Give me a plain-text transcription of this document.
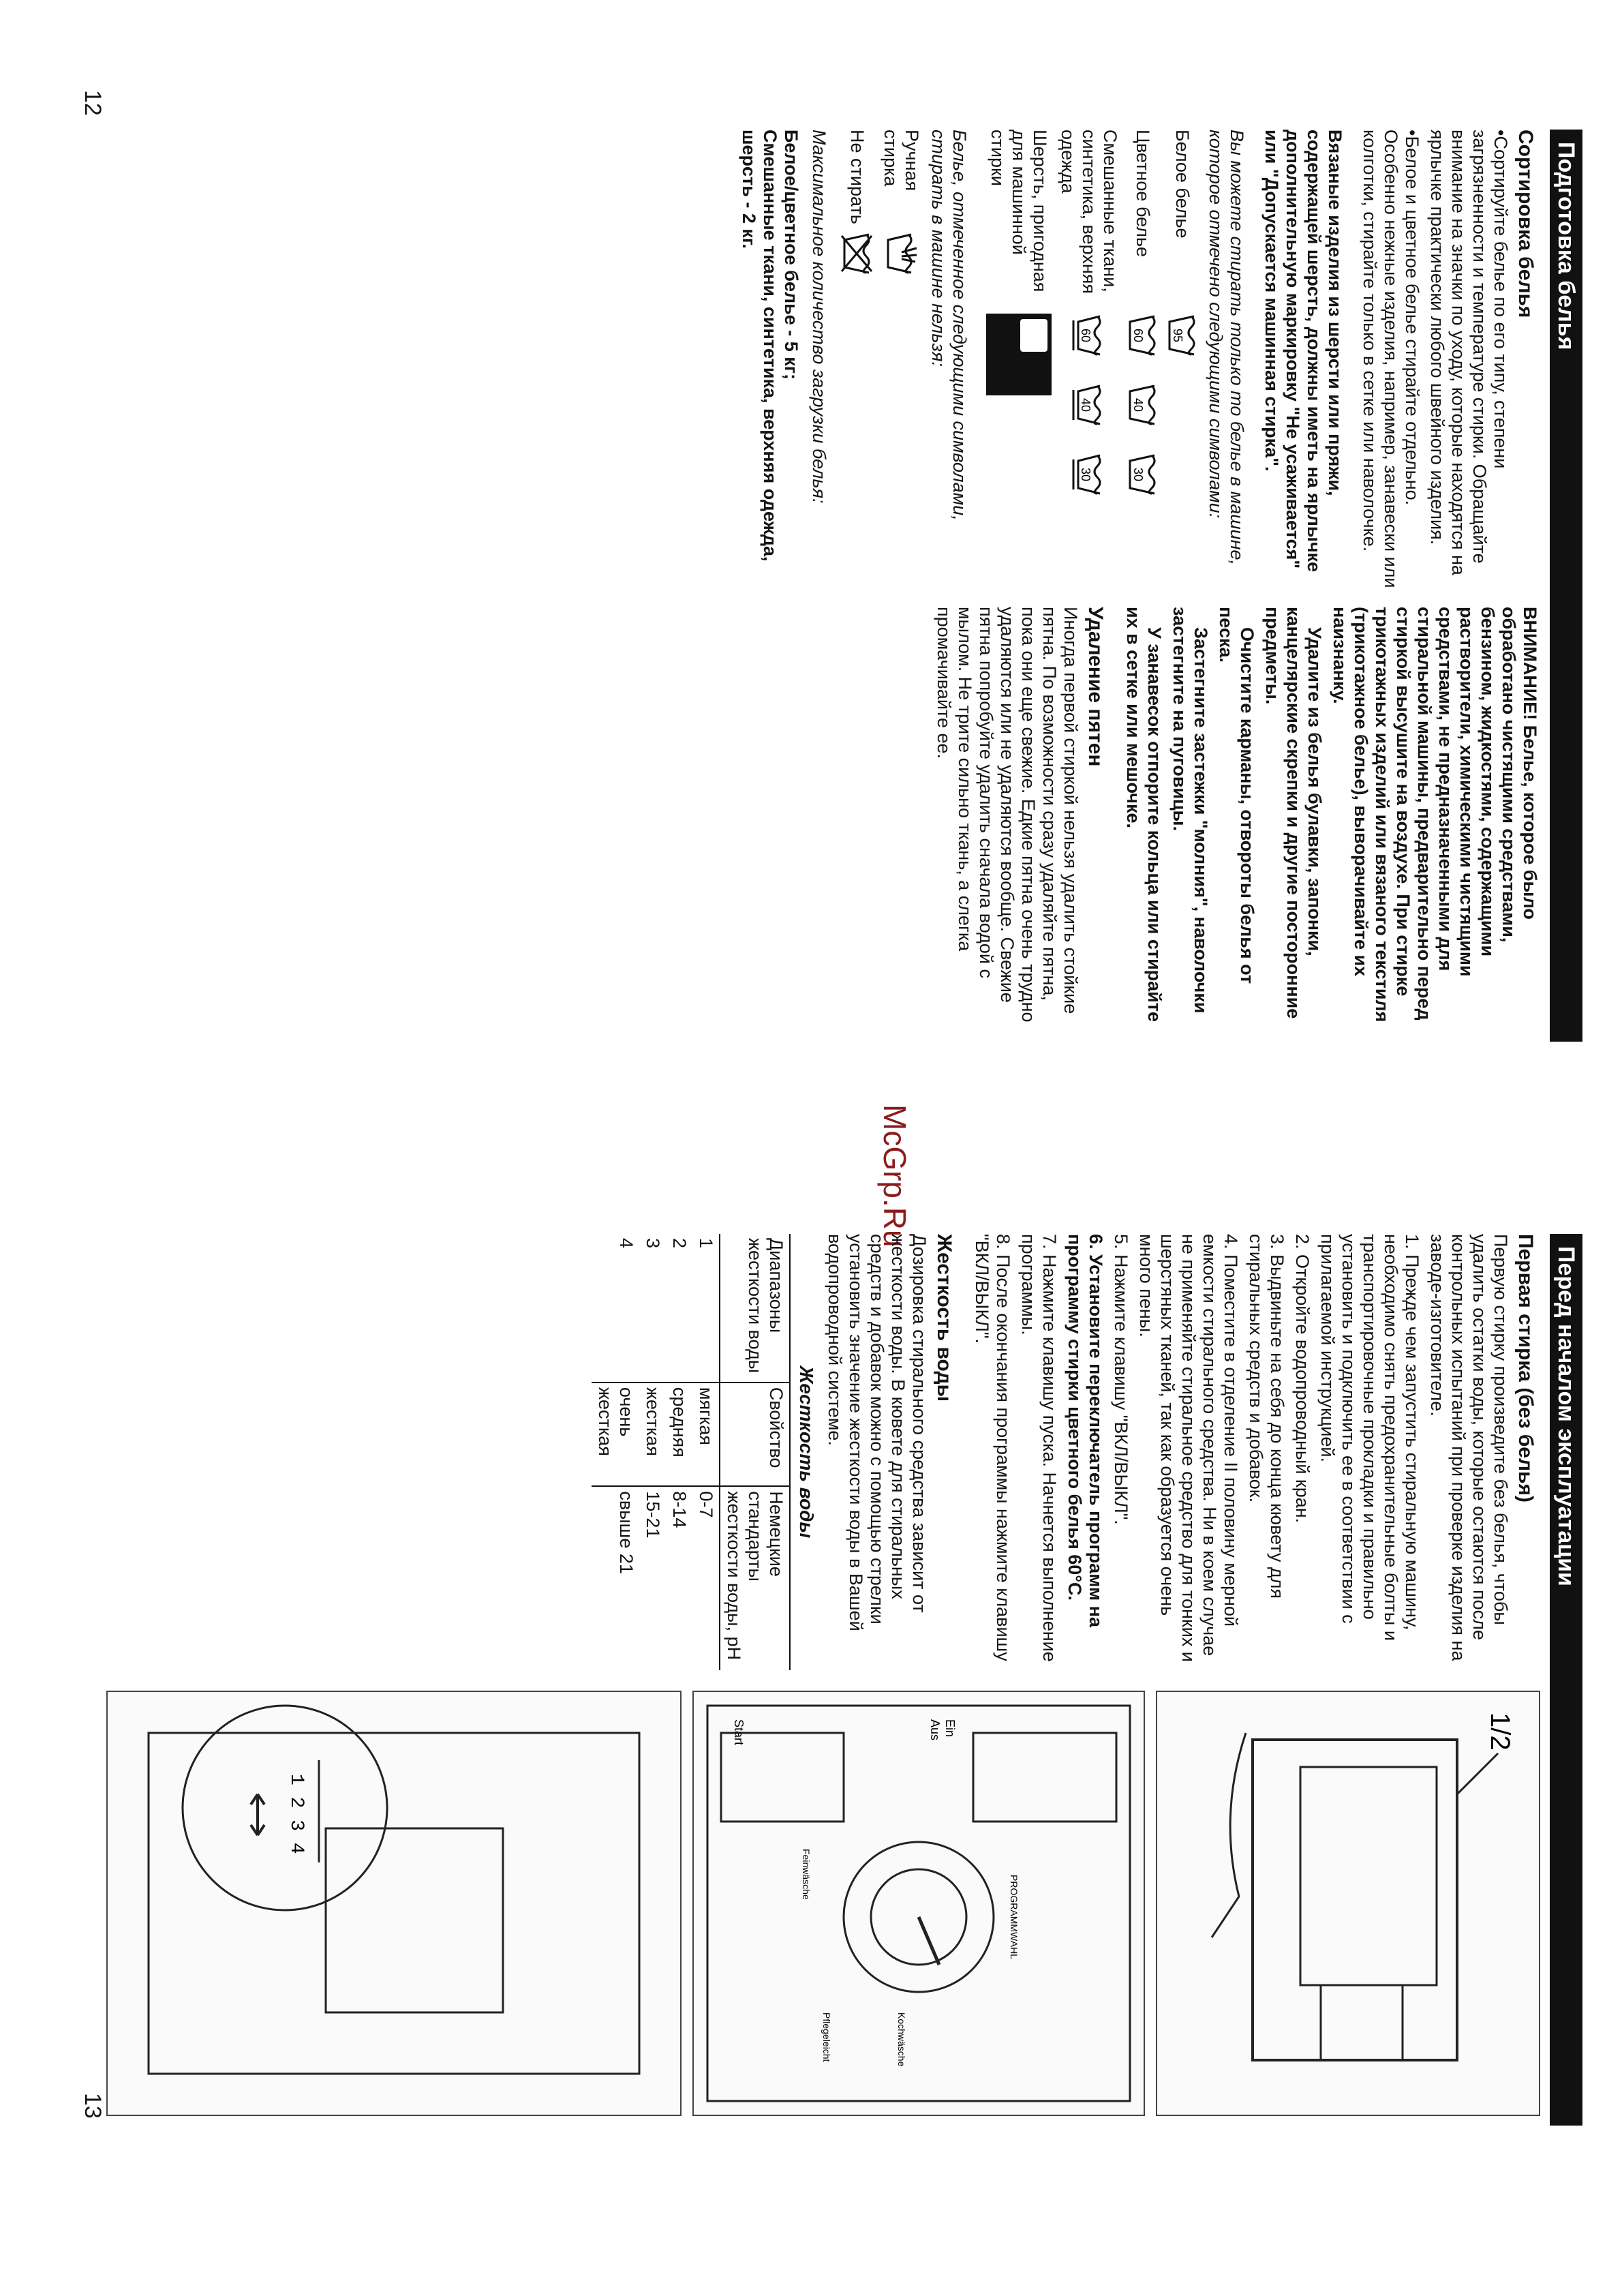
Подготовка белья
12
Сортировка белья

• Сортируйте белье по его типу, степени загрязненности и температуре стирки. Обращайте внимание на значки по уходу, которые находятся на ярлычке практически любого швейного изделия.

• Белое и цветное белье стирайте отдельно. Особенно нежные изделия, например, занавески или колготки, стирайте только в сетке или наволочке.

Вязаные изделия из шерсти или пряжи, содержащей шерсть, должны иметь на ярлычке дополнительную маркировку "Не усаживается" или "Допускается машинная стирка".

Вы можете стирать только то белье в машине, которое отмечено следующими символами:

Белое белье
95
Цветное белье
60
40
30
Смешанные ткани, синтетика, верхняя одежда
60
40
30
Шерсть, пригодная для машинной стирки

Белье, отмеченное следующими символами, стирать в машине нельзя:

Ручная стирка
Не стирать

Максимальное количество загрузки белья:

Белое/цветное белье - 5 кг;

Смешанные ткани, синтетика, верхняя одежда, шерсть - 2 кг.

ВНИМАНИЕ! Белье, которое было обработано чистящими средствами, бензином, жидкостями, содержащими растворители, химическими чистящими средствами, не предназначенными для стиральной машины, предварительно перед стиркой высушите на воздухе. При стирке трикотажных изделий или вязаного текстиля (трикотажное белье), выворачивайте их наизнанку.

Удалите из белья булавки, запонки, канцелярские скрепки и другие посторонние предметы.

Очистите карманы, отвороты белья от песка.

Застегните застежки "молния", наволочки застегните на пуговицы.

У занавесок отпорите кольца или стирайте их в сетке или мешочке.

Удаление пятен

Иногда первой стиркой нельзя удалить стойкие пятна. По возможности сразу удаляйте пятна, пока они еще свежие. Едкие пятна очень трудно удаляются или не удаляются вообще. Свежие пятна попробуйте удалить сначала водой с мылом. Не трите сильно ткань, а слегка промачивайте ее.

McGrp.Ru
Перед началом эксплуатации
Первая стирка (без белья)

Первую стирку произведите без белья, чтобы удалить остатки воды, которые остаются после контрольных испытаний при проверке изделия на заводе-изготовителе.

1. Прежде чем запустить стиральную машину, необходимо снять предохранительные болты и транспортировочные прокладки и правильно установить и подключить ее в соответствии с прилагаемой инструкцией.

2. Откройте водопроводный кран.

3. Выдвиньте на себя до конца кювету для стиральных средств и добавок.

4. Поместите в отделение II половину мерной емкости стирального средства. Ни в коем случае не применяйте стиральное средство для тонких и шерстяных тканей, так как образуется очень много пены.

5. Нажмите клавишу "ВКЛ/ВЫКЛ".

6. Установите переключатель программ на программу стирки цветного белья 60°C.

7. Нажмите клавишу пуска. Начнется выполнение программы.

8. После окончания программы нажмите клавишу "ВКЛ/ВЫКЛ".

Жесткость воды

Дозировка стирального средства зависит от жесткости воды. В кювете для стиральных средств и добавок можно с помощью стрелки установить значение жесткости воды в Вашей водопроводной системе.

Жесткость воды
Диапазоны жесткости воды	Свойство	Немецкие стандарты жесткости воды, pH
1	мягкая	0-7
2	средняя	8-14
3	жесткая	15-21
4	очень жесткая	свыше 21
1/2
Ein
Aus
Start
PROGRAMMWAHL
Kochwäsche
Pflegeleicht
Feinwäsche
1 2 3 4
13
